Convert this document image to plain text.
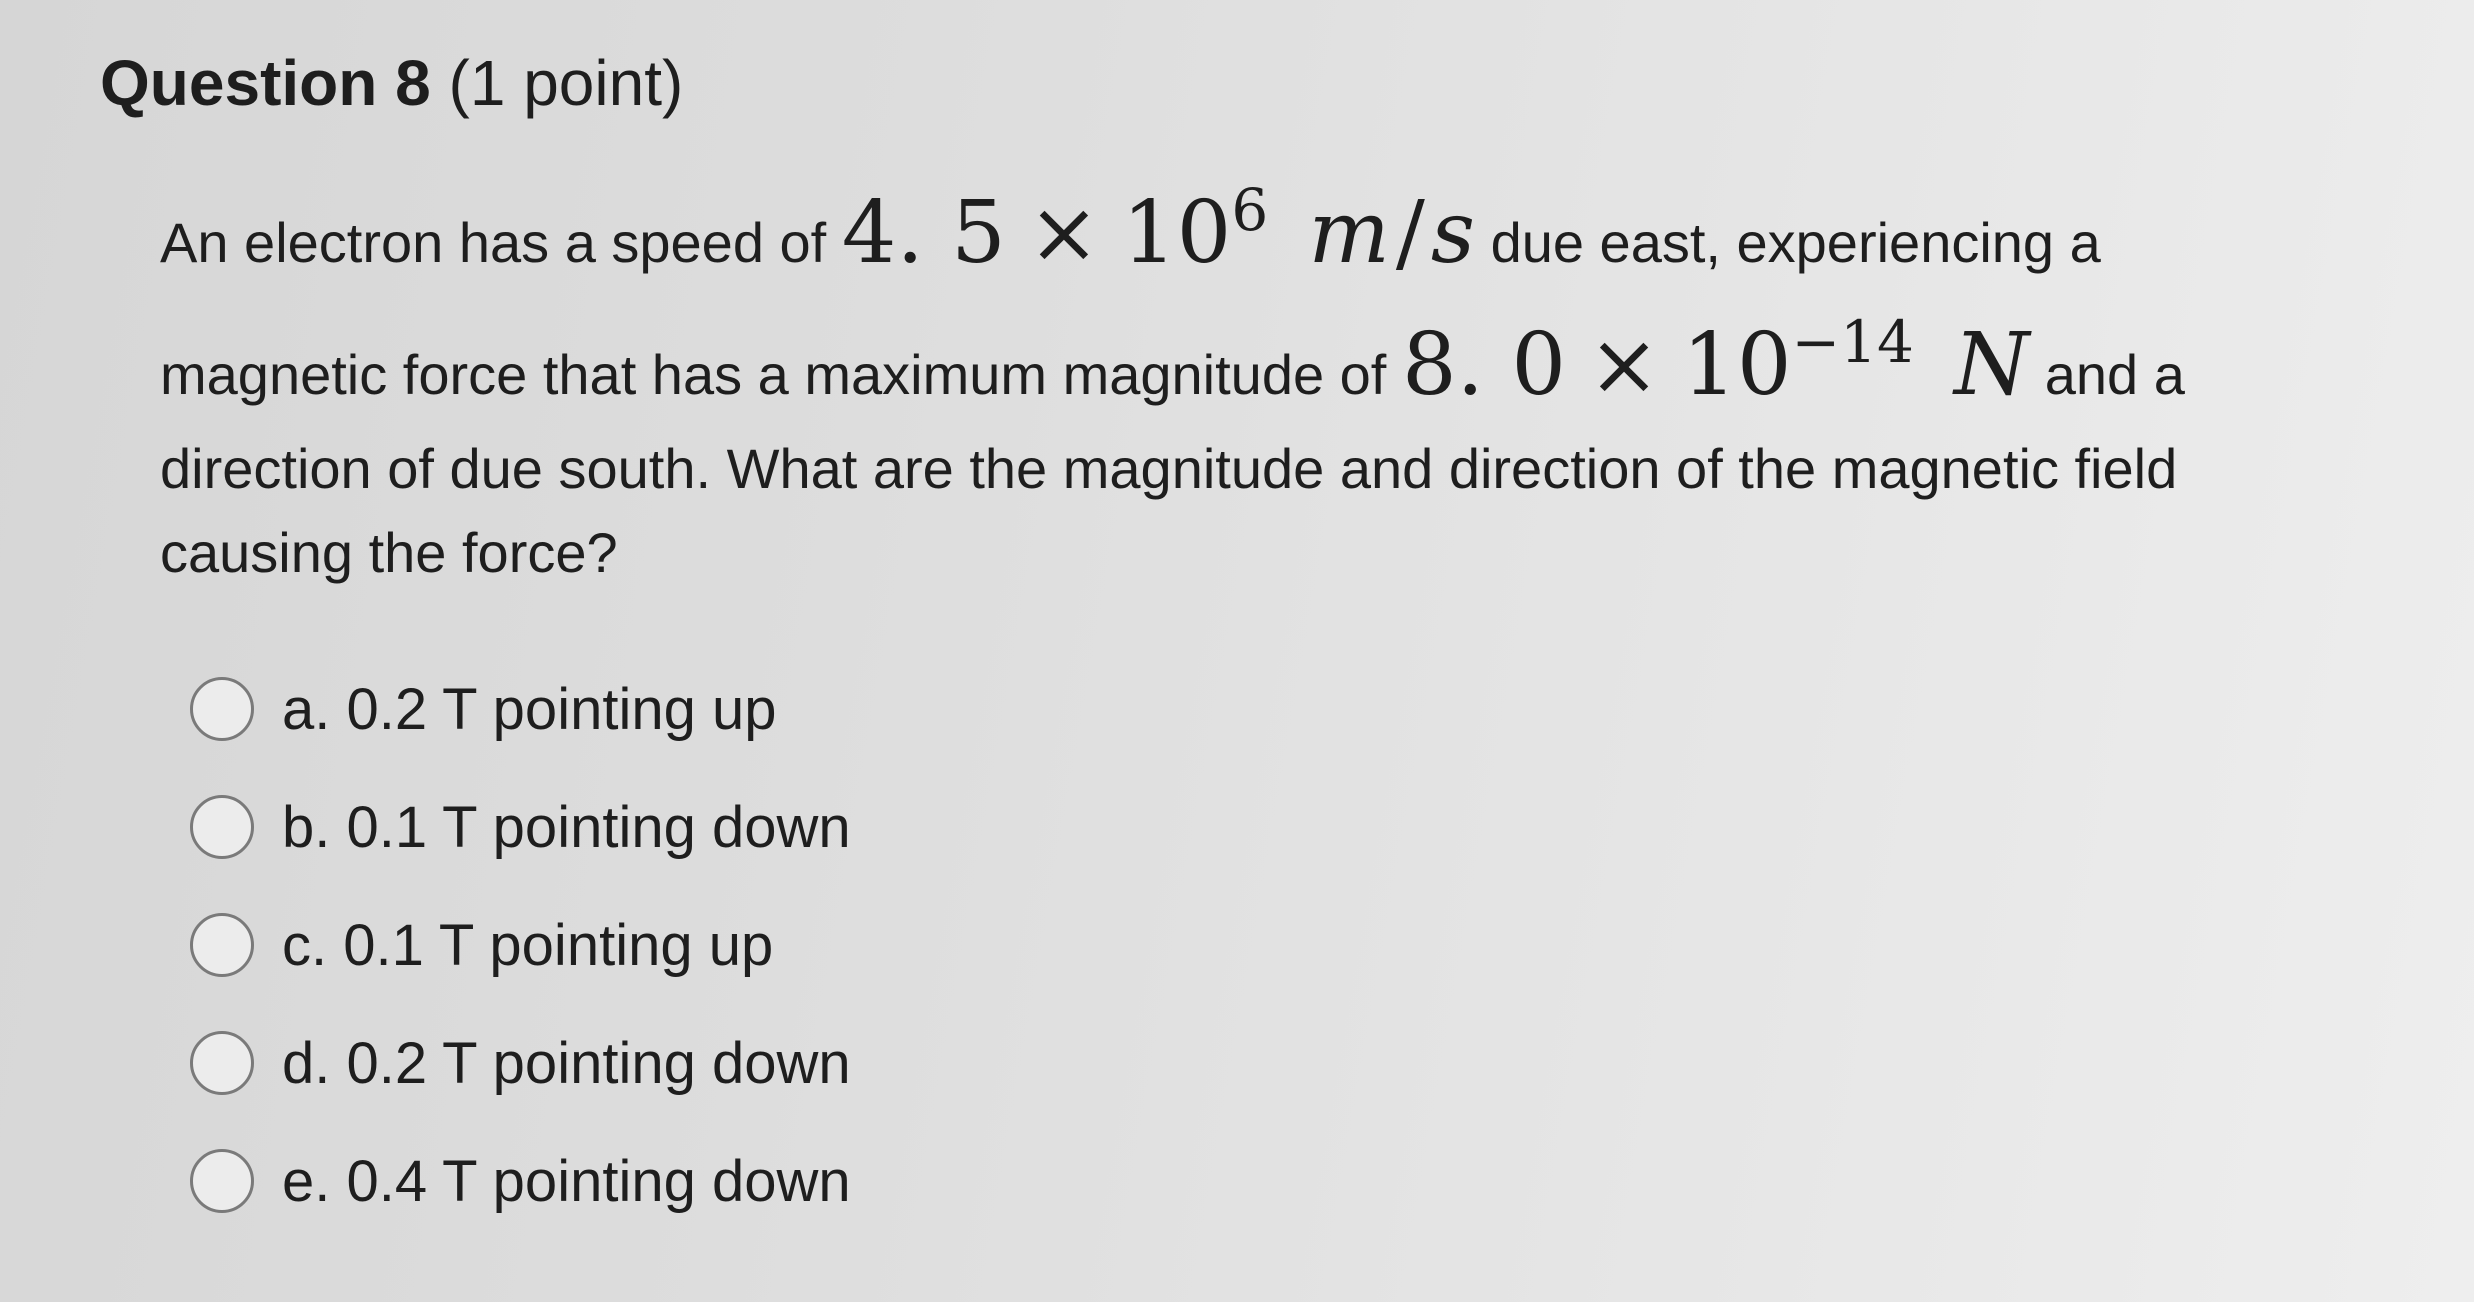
Question 8 (1 point)
An electron has a speed of 4. $5 \times 10^6$ m/s due east, experiencing a
magnetic force that has a maximum magnitude of 8. $0 \times 10^{-14}$ N and a
direction of due south. What are the magnitude and direction of the magnetic field
causing the force?
a. 0.2 T pointing up
b. 0.1 T pointing down
c. 0.1 T pointing up
d. 0.2 T pointing down
e. 0.4 T pointing down
